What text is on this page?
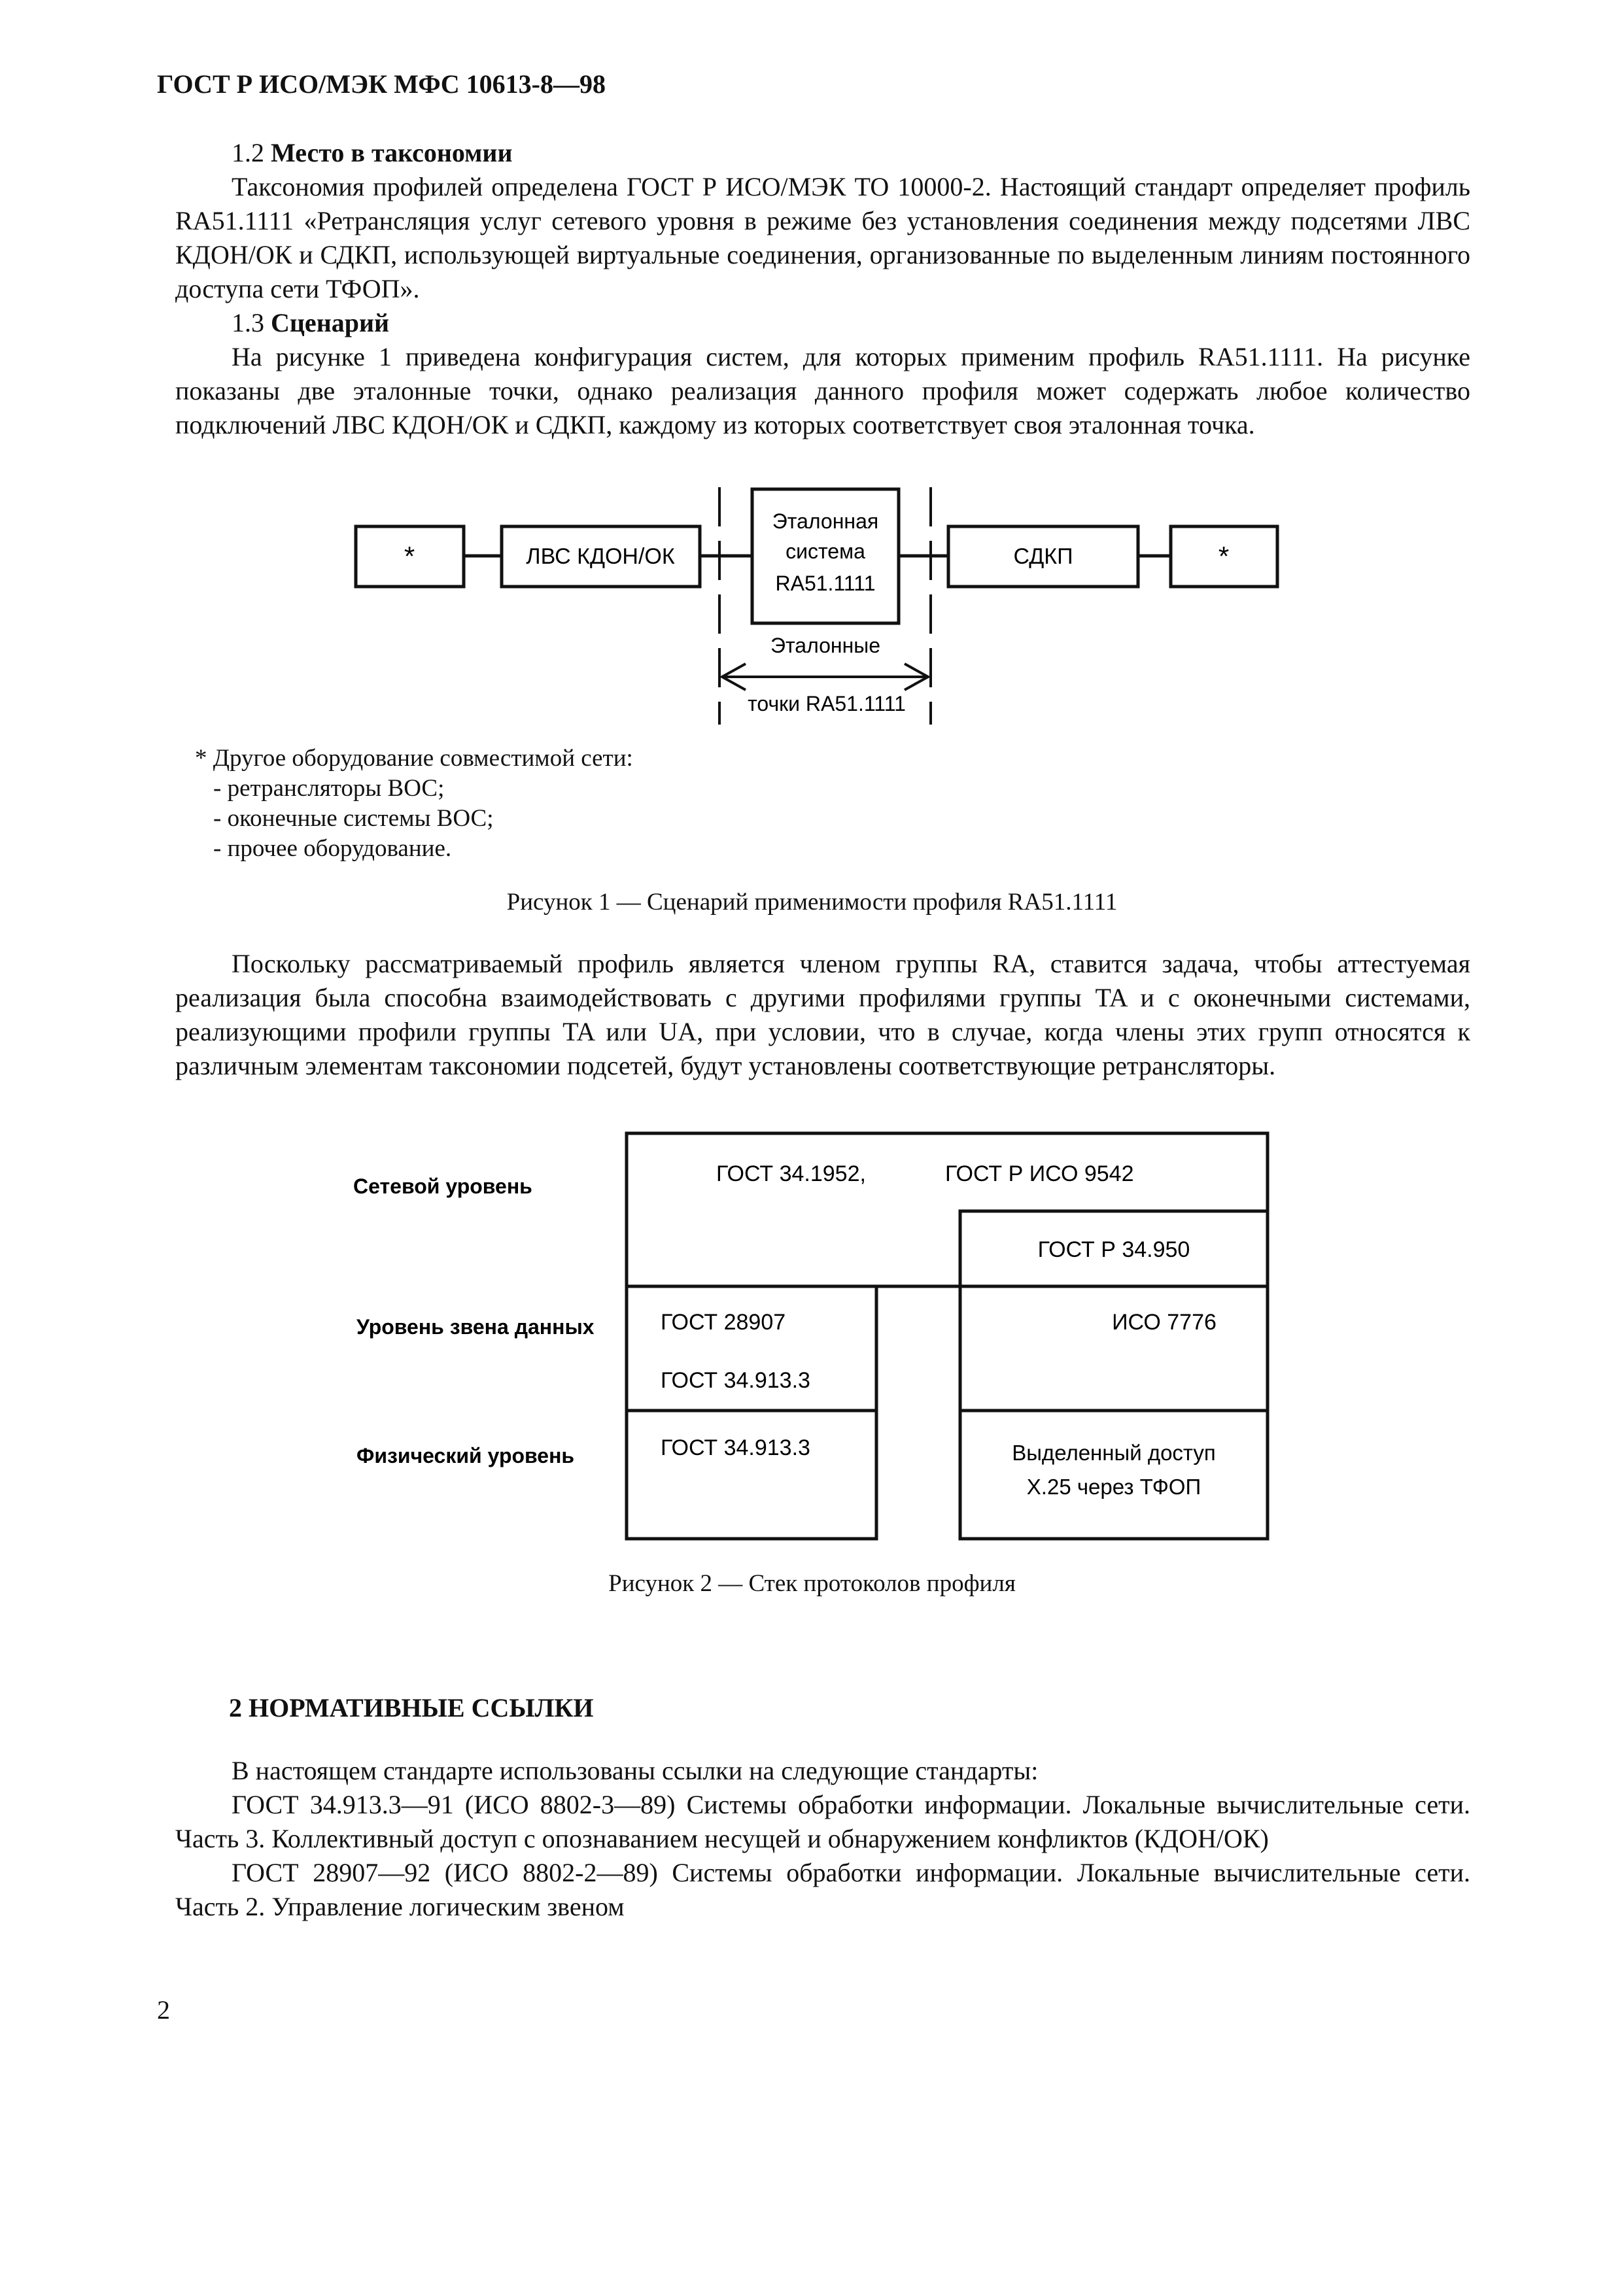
ГОСТ Р ИСО/МЭК МФС 10613-8—98

1.2 Место в таксономии

Таксономия профилей определена ГОСТ Р ИСО/МЭК ТО 10000-2. Настоящий стандарт определяет профиль RA51.1111 «Ретрансляция услуг сетевого уровня в режиме без установления соединения между подсетями ЛВС КДОН/ОК и СДКП, использующей виртуальные соединения, организованные по выделенным линиям постоянного доступа сети ТФОП».

1.3 Сценарий

На рисунке 1 приведена конфигурация систем, для которых применим профиль RA51.1111. На рисунке показаны две эталонные точки, однако реализация данного профиля может содержать любое количество подключений ЛВС КДОН/ОК и СДКП, каждому из которых соответствует своя эталонная точка.

*	ЛВС КДОН/ОК
Эталонная
система
RA51.1111
СДКП	*
Эталонные
точки RA51.1111
* Другое оборудование совместимой сети:
- ретрансляторы ВОС;
- оконечные системы ВОС;
- прочее оборудование.
Рисунок 1 — Сценарий применимости профиля RA51.1111

Поскольку рассматриваемый профиль является членом группы RA, ставится задача, чтобы аттестуемая реализация была способна взаимодействовать с другими профилями группы TA и с оконечными системами, реализующими профили группы TA или UA, при условии, что в случае, когда члены этих групп относятся к различным элементам таксономии подсетей, будут установлены соответствующие ретрансляторы.

Сетевой уровень
Уровень звена данных
Физический уровень
ГОСТ 34.1952,	ГОСТ Р ИСО 9542
ГОСТ Р 34.950
ГОСТ 28907
ГОСТ 34.913.3
ИСО 7776
ГОСТ 34.913.3	Выделенный доступ
X.25 через ТФОП
Рисунок 2 — Стек протоколов профиля
2 НОРМАТИВНЫЕ ССЫЛКИ

В настоящем стандарте использованы ссылки на следующие стандарты:

ГОСТ 34.913.3—91 (ИСО 8802-3—89) Системы обработки информации. Локальные вычислительные сети. Часть 3. Коллективный доступ с опознаванием несущей и обнаружением конфликтов (КДОН/ОК)

ГОСТ 28907—92 (ИСО 8802-2—89) Системы обработки информации. Локальные вычислительные сети. Часть 2. Управление логическим звеном

2
